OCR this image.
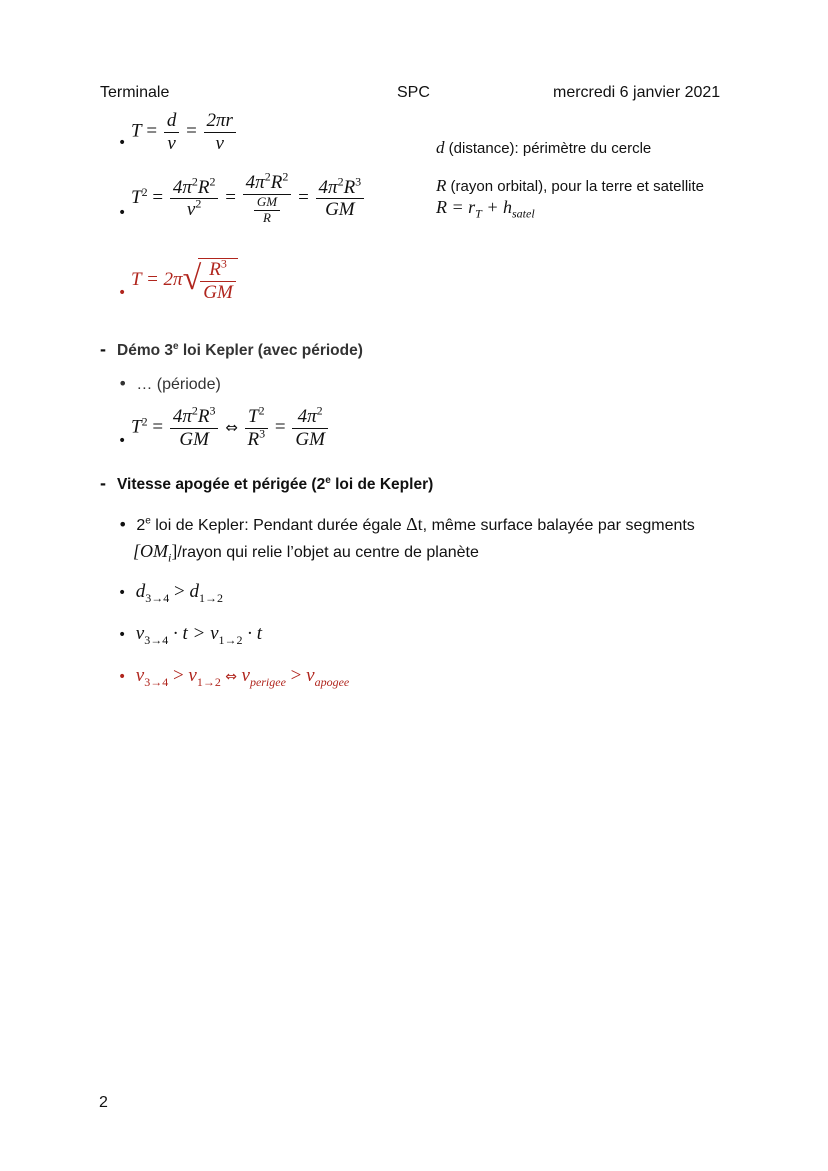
Terminale	SPC	mercredi 6 janvier 2021
$_•$ $T = \frac{d}{v} = \frac{2\pi r}{v}$	d (distance): périmètre du cercle
$_•$ $T^2 = \frac{4\pi^2R^2}{v^2} = \frac{4\pi^2R^2}{\frac{GM}{R}} = \frac{4\pi^2R^3}{GM}$	R (rayon orbital), pour la terre et satellite
$R = r_T + h_{satel}$
$_•$ T = 2π√
$\frac{R^3}{GM}$
- Démo 3e loi Kepler (avec période)
• … (période)
$_•$ $T^2 = \frac{4\pi^2R^3}{GM}$ ⇔ $\frac{T^2}{R^3} = \frac{4\pi^2}{GM}$
- Vitesse apogée et périgée (2e loi de Kepler)
• 2e loi de Kepler: Pendant durée égale Δt, même surface balayée par segments
$[OM_i]$/rayon qui relie l’objet au centre de planète
• $d_{3\to 4} > d_{1\to 2}$
• $v_{3\to 4} \cdot t > v_{1\to 2} \cdot t$
• $v_{3\to 4} > v_{1\to 2}$ ⇔ $v_{perigee} > v_{apogee}$
2
